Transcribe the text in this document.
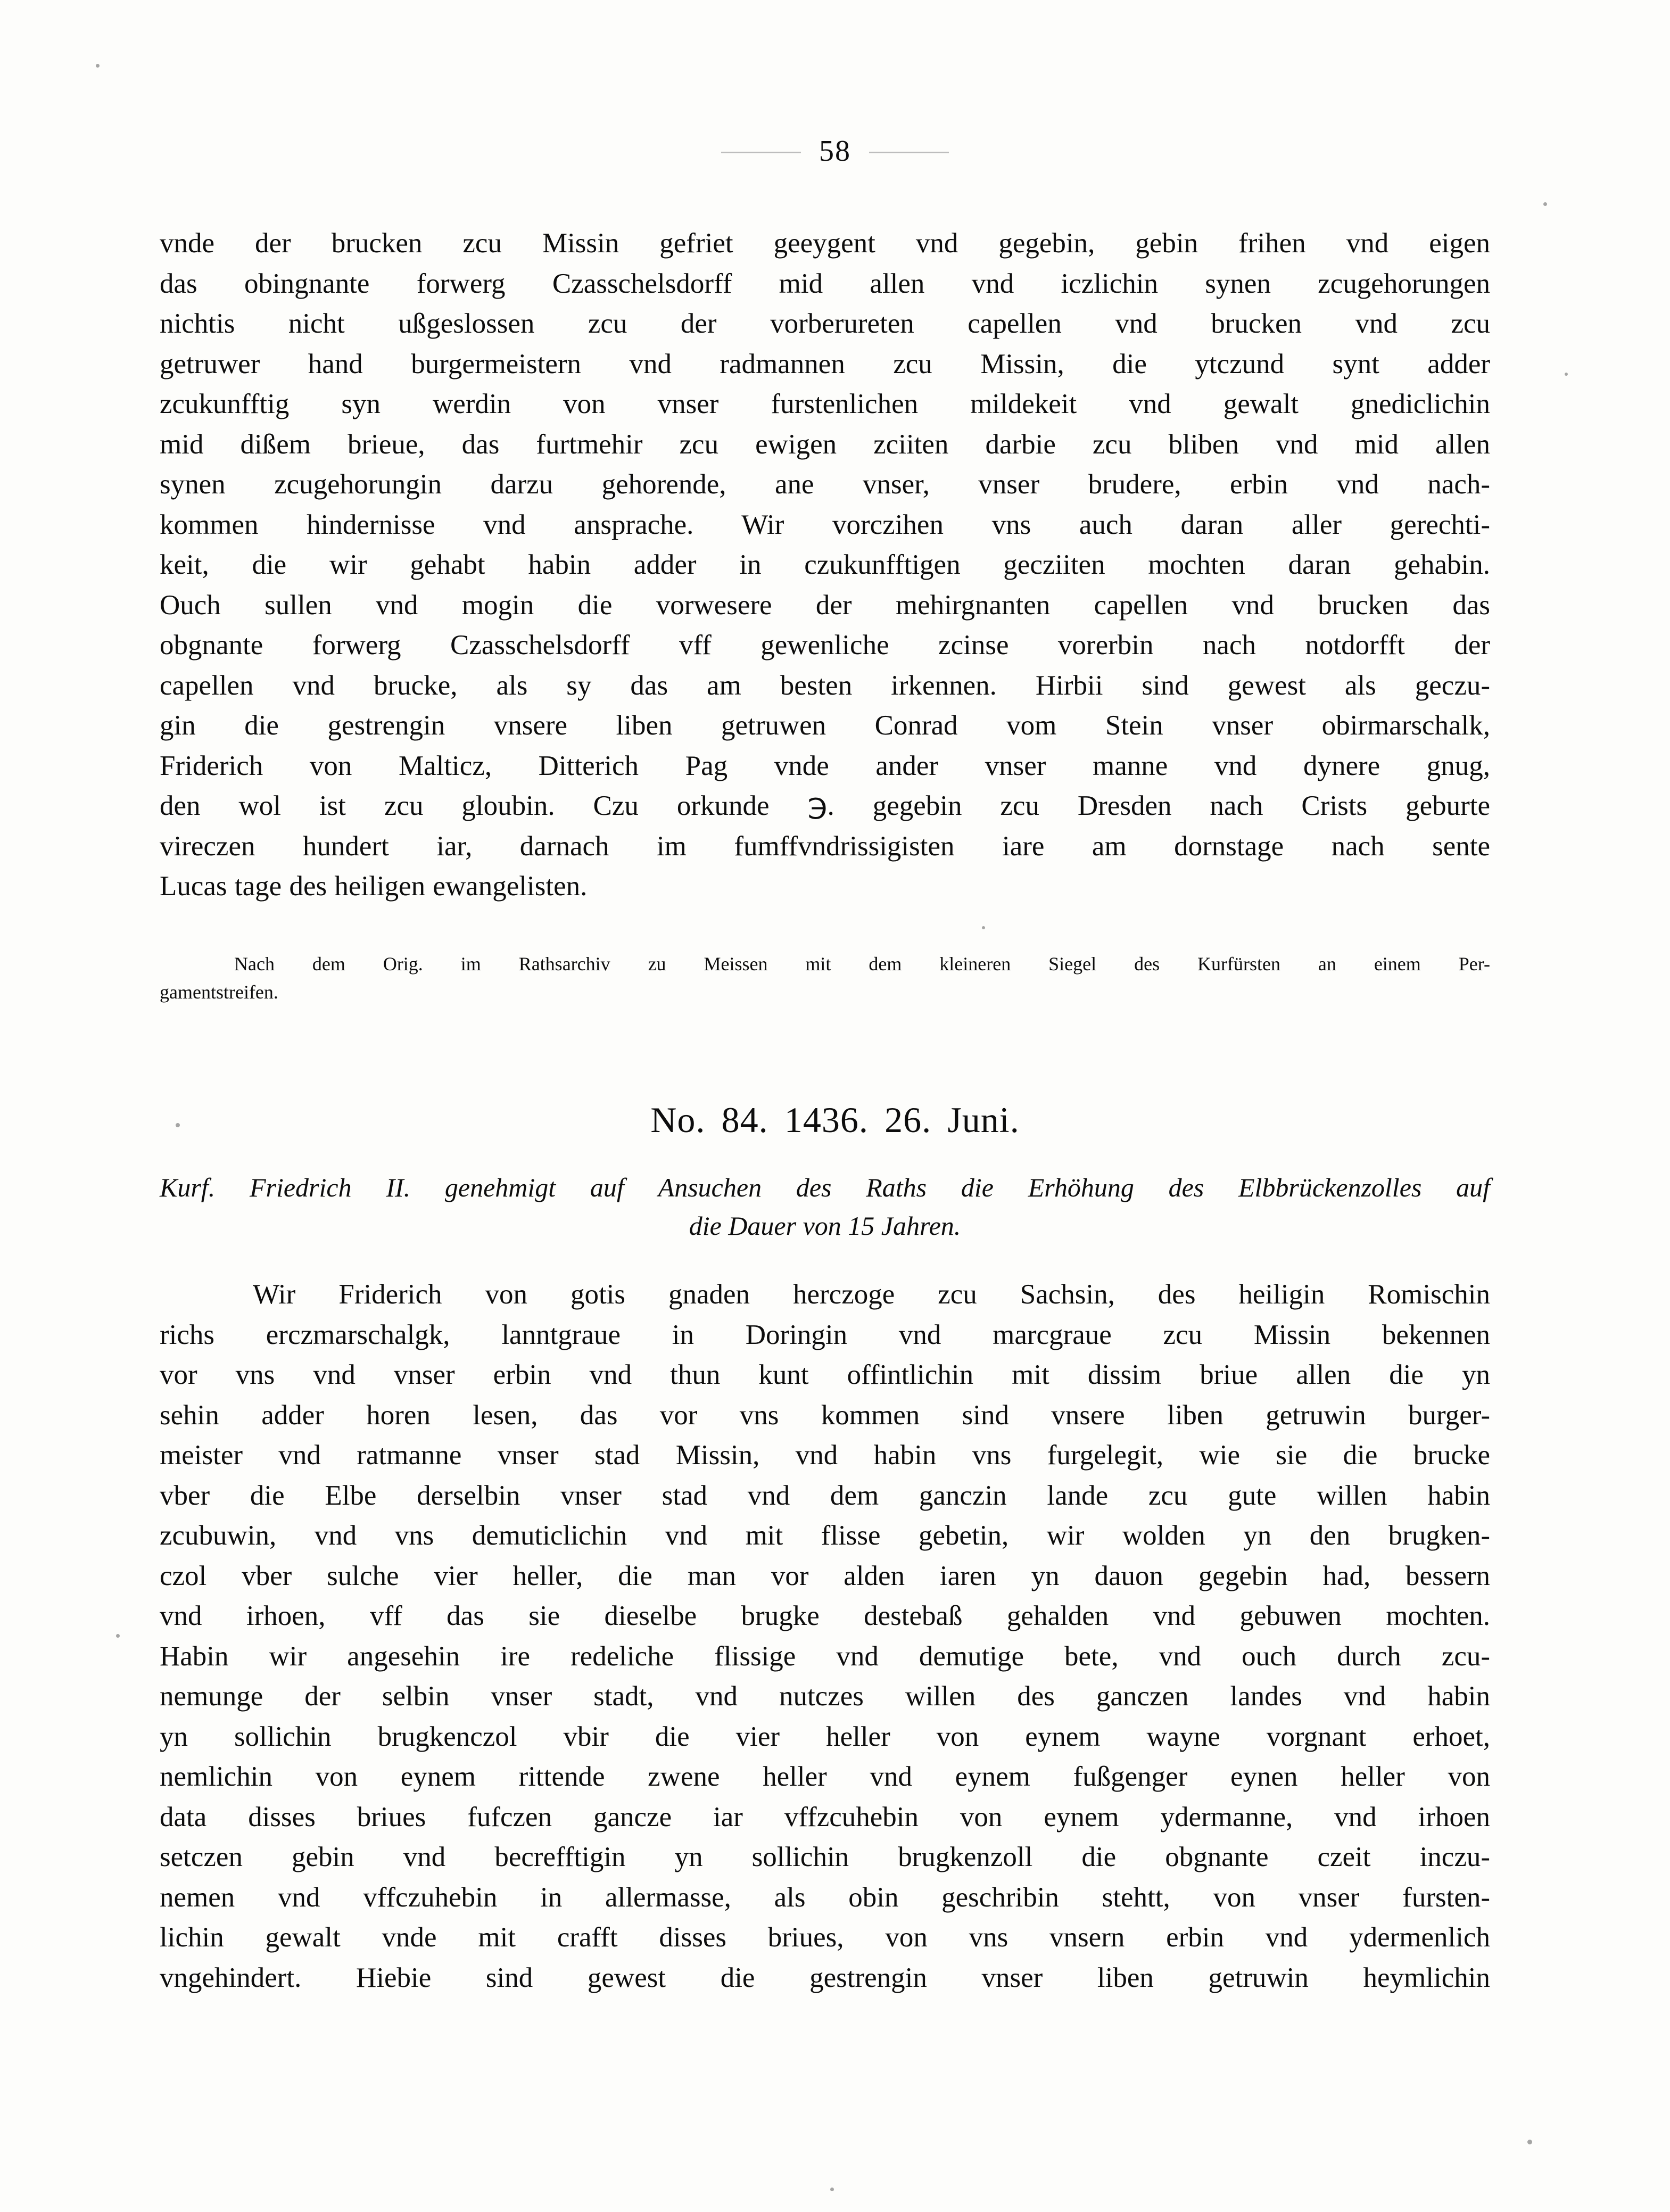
58

vnde der brucken zcu Missin gefriet geeygent vnd gegebin, gebin frihen vnd eigen
das obingnante forwerg Czasschelsdorff mid allen vnd iczlichin synen zcugehorungen
nichtis nicht ußgeslossen zcu der vorberureten capellen vnd brucken vnd zcu
getruwer hand burgermeistern vnd radmannen zcu Missin, die ytczund synt adder
zcukunfftig syn werdin von vnser furstenlichen mildekeit vnd gewalt gnediclichin
mid dißem brieue, das furtmehir zcu ewigen zciiten darbie zcu bliben vnd mid allen
synen zcugehorungin darzu gehorende, ane vnser, vnser brudere, erbin vnd nach-
kommen hindernisse vnd ansprache. Wir vorczihen vns auch daran aller gerechti-
keit, die wir gehabt habin adder in czukunfftigen gecziiten mochten daran gehabin.
Ouch sullen vnd mogin die vorwesere der mehirgnanten capellen vnd brucken das
obgnante forwerg Czasschelsdorff vff gewenliche zcinse vorerbin nach notdorfft der
capellen vnd brucke, als sy das am besten irkennen. Hirbii sind gewest als geczu-
gin die gestrengin vnsere liben getruwen Conrad vom Stein vnser obirmarschalk,
Friderich von Malticz, Ditterich Pag vnde ander vnser manne vnd dynere gnug,
den wol ist zcu gloubin. Czu orkunde ℈. gegebin zcu Dresden nach Crists geburte
vireczen hundert iar, darnach im fumffvndrissigisten iare am dornstage nach sente
Lucas tage des heiligen ewangelisten.

Nach dem Orig. im Rathsarchiv zu Meissen mit dem kleineren Siegel des Kurfürsten an einem Per-
gamentstreifen.
No. 84. 1436. 26. Juni.
Kurf. Friedrich II. genehmigt auf Ansuchen des Raths die Erhöhung des Elbbrückenzolles auf
die Dauer von 15 Jahren.

Wir Friderich von gotis gnaden herczoge zcu Sachsin, des heiligin Romischin
richs erczmarschalgk, lanntgraue in Doringin vnd marcgraue zcu Missin bekennen
vor vns vnd vnser erbin vnd thun kunt offintlichin mit dissim briue allen die yn
sehin adder horen lesen, das vor vns kommen sind vnsere liben getruwin burger-
meister vnd ratmanne vnser stad Missin, vnd habin vns furgelegit, wie sie die brucke
vber die Elbe derselbin vnser stad vnd dem ganczin lande zcu gute willen habin
zcubuwin, vnd vns demuticlichin vnd mit flisse gebetin, wir wolden yn den brugken-
czol vber sulche vier heller, die man vor alden iaren yn dauon gegebin had, bessern
vnd irhoen, vff das sie dieselbe brugke destebaß gehalden vnd gebuwen mochten.
Habin wir angesehin ire redeliche flissige vnd demutige bete, vnd ouch durch zcu-
nemunge der selbin vnser stadt, vnd nutczes willen des ganczen landes vnd habin
yn sollichin brugkenczol vbir die vier heller von eynem wayne vorgnant erhoet,
nemlichin von eynem rittende zwene heller vnd eynem fußgenger eynen heller von
data disses briues fufczen gancze iar vffzcuhebin von eynem ydermanne, vnd irhoen
setczen gebin vnd becrefftigin yn sollichin brugkenzoll die obgnante czeit inczu-
nemen vnd vffczuhebin in allermasse, als obin geschribin stehtt, von vnser fursten-
lichin gewalt vnde mit crafft disses briues, von vns vnsern erbin vnd ydermenlich
vngehindert. Hiebie sind gewest die gestrengin vnser liben getruwin heymlichin
